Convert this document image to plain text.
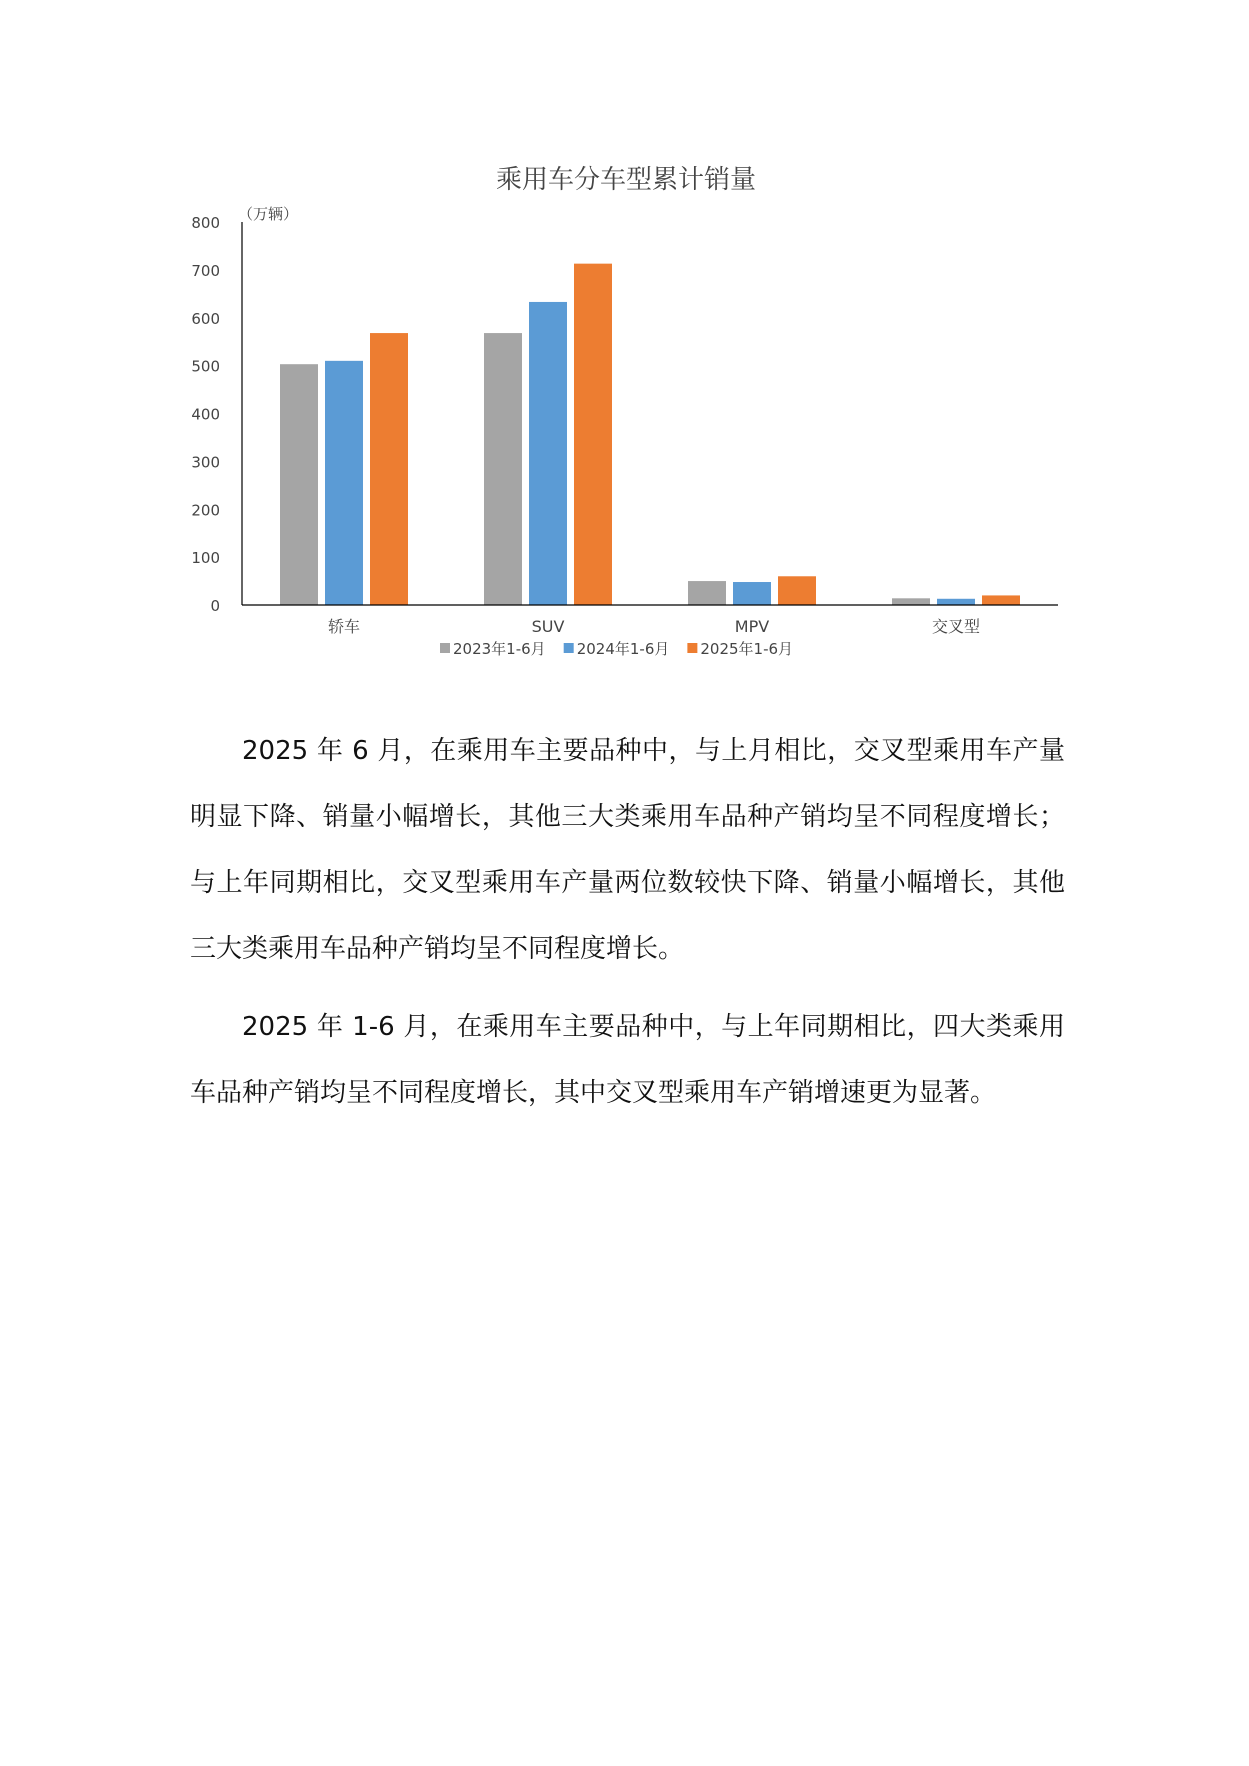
乘用车分车型累计销量
（万辆）
0
100
200
300
400
500
600
700
800
轿车	SUV	MPV	交叉型
2023年1-6月 2024年1-6月 2025年1-6月

2025 年 6 月，在乘用车主要品种中，与上月相比，交叉型乘用车产量明显下降、销量小幅增长，其他三大类乘用车品种产销均呈不同程度增长；与上年同期相比，交叉型乘用车产量两位数较快下降、销量小幅增长，其他三大类乘用车品种产销均呈不同程度增长。

2025 年 1-6 月，在乘用车主要品种中，与上年同期相比，四大类乘用车品种产销均呈不同程度增长，其中交叉型乘用车产销增速更为显著。
